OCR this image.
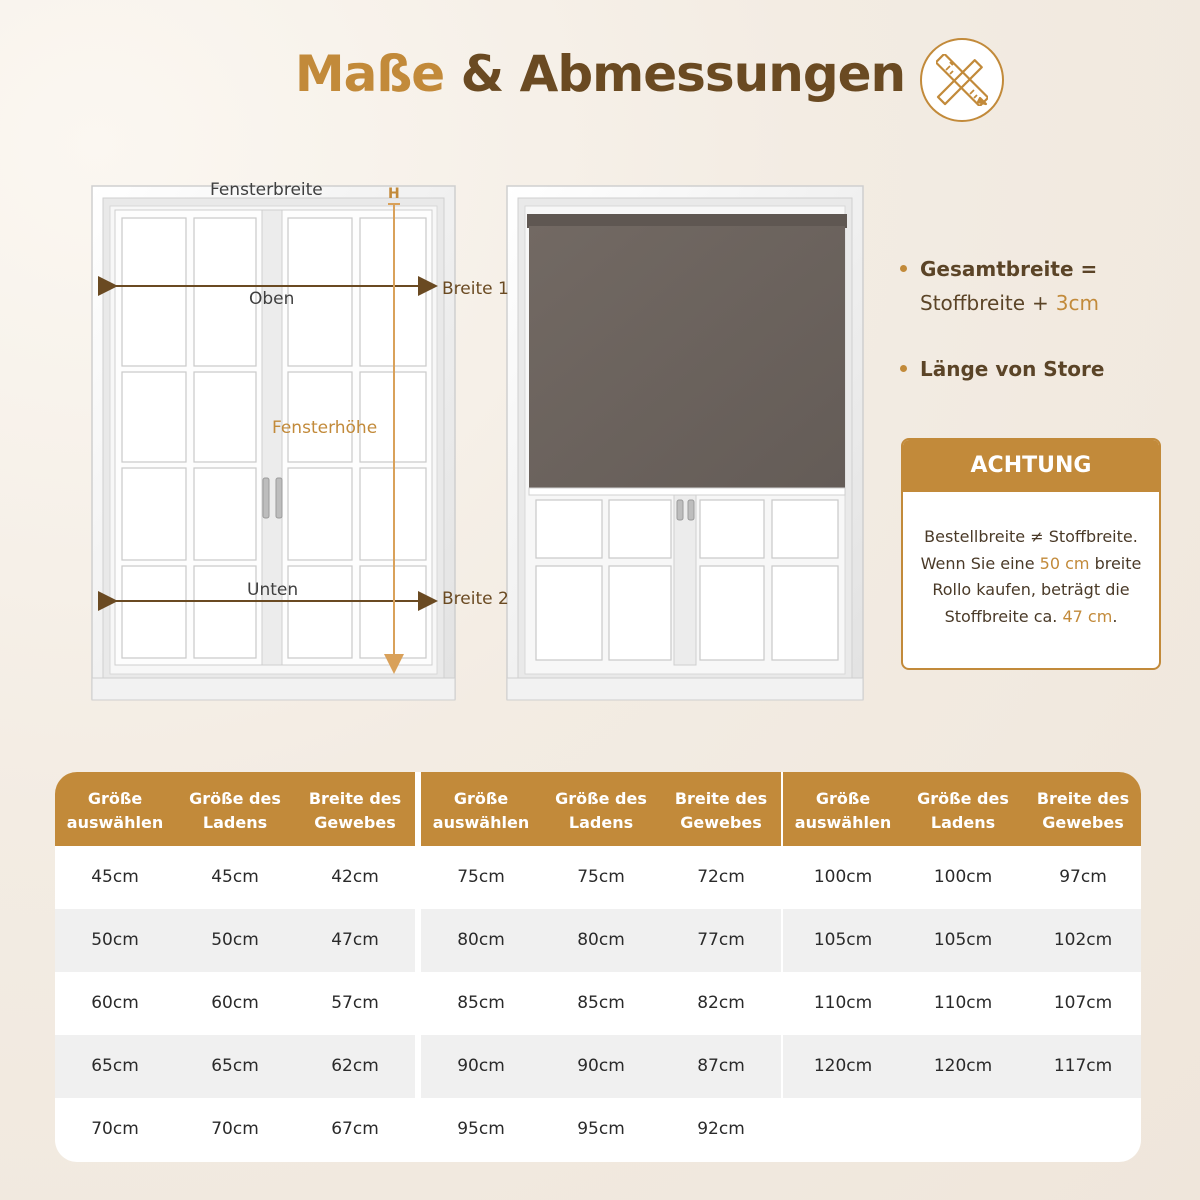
Maße & Abmessungen
Fensterbreite	H
Oben	Breite 1
Fensterhöhe
Unten	Breite 2
Gesamtbreite =
Stoffbreite + 3cm
Länge von Store
ACHTUNG
Bestellbreite ≠ Stoffbreite.
Wenn Sie eine 50 cm breite
Rollo kaufen, beträgt die
Stoffbreite ca. 47 cm.
Größe
auswählen
Größe des
Ladens
Breite des
Gewebes
45cm	45cm	42cm
50cm	50cm	47cm
60cm	60cm	57cm
65cm	65cm	62cm
70cm	70cm	67cm
Größe
auswählen
Größe des
Ladens
Breite des
Gewebes
75cm	75cm	72cm
80cm	80cm	77cm
85cm	85cm	82cm
90cm	90cm	87cm
95cm	95cm	92cm
Größe
auswählen
Größe des
Ladens
Breite des
Gewebes
100cm	100cm	97cm
105cm	105cm	102cm
110cm	110cm	107cm
120cm	120cm	117cm
